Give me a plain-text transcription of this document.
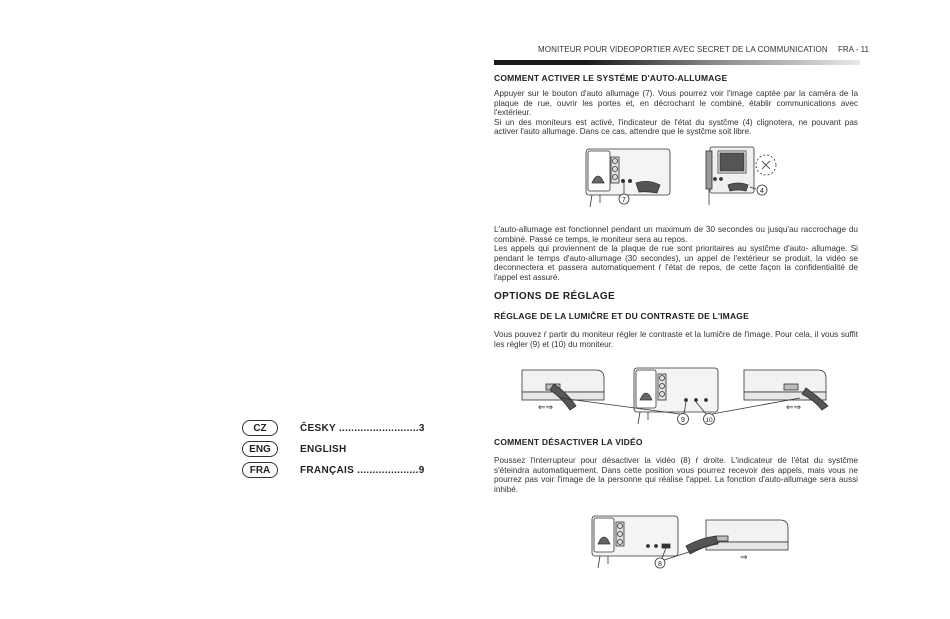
CZ	ČESKY ..........................3
ENG	ENGLISH
FRA	FRANÇAIS ....................9
MONITEUR POUR VIDEOPORTIER AVEC SECRET DE LA COMMUNICATION FRA - 11
COMMENT ACTIVER LE SYSTÉME D'AUTO-ALLUMAGE

Appuyer sur le bouton d'auto allumage (7). Vous pourrez voir l'image captée par la caméra de la plaque de rue, ouvrir les portes et, en décrochant le combiné, établir communications avec l'extérieur.

Si un des moniteurs est activé, l'indicateur de l'état du systčme (4) clignotera, ne pouvant pas activer l'auto allumage. Dans ce cas, attendre que le systčme soit libre.

7
4

L'auto-allumage est fonctionnel pendant un maximum de 30 secondes ou jusqu'au raccrochage du combiné. Passé ce temps, le moniteur sera au repos.

Les appels qui proviennent de la plaque de rue sont prioritaires au systčme d'auto- allumage. Si pendant le temps d'auto-allumage (30 secondes), un appel de l'extérieur se produit, la vidéo se deconnectera et passera automatiquement ŕ l'état de repos, de cette façon la confidentialité de l'appel est assuré.

OPTIONS DE RÉGLAGE
RÉGLAGE DE LA LUMIČRE ET DU CONTRASTE DE L'IMAGE

Vous pouvez ŕ partir du moniteur régler le contraste et la lumičre de l'image. Pour cela, il vous suffit les régler (9) et (10) du moniteur.

⇐⇒	⇐⇒
9	10
COMMENT DÉSACTIVER LA VIDÉO

Poussez l'interrupteur pour désactiver la vidéo (8) ŕ droite. L'indicateur de l'état du systčme s'éteindra automatiquement. Dans cette position vous pourrez recevoir des appels, mais vous ne pourrez pas voir l'image de la personne qui réalise l'appel. La fonction d'auto-allumage sera aussi inhibé.

⇒
8
